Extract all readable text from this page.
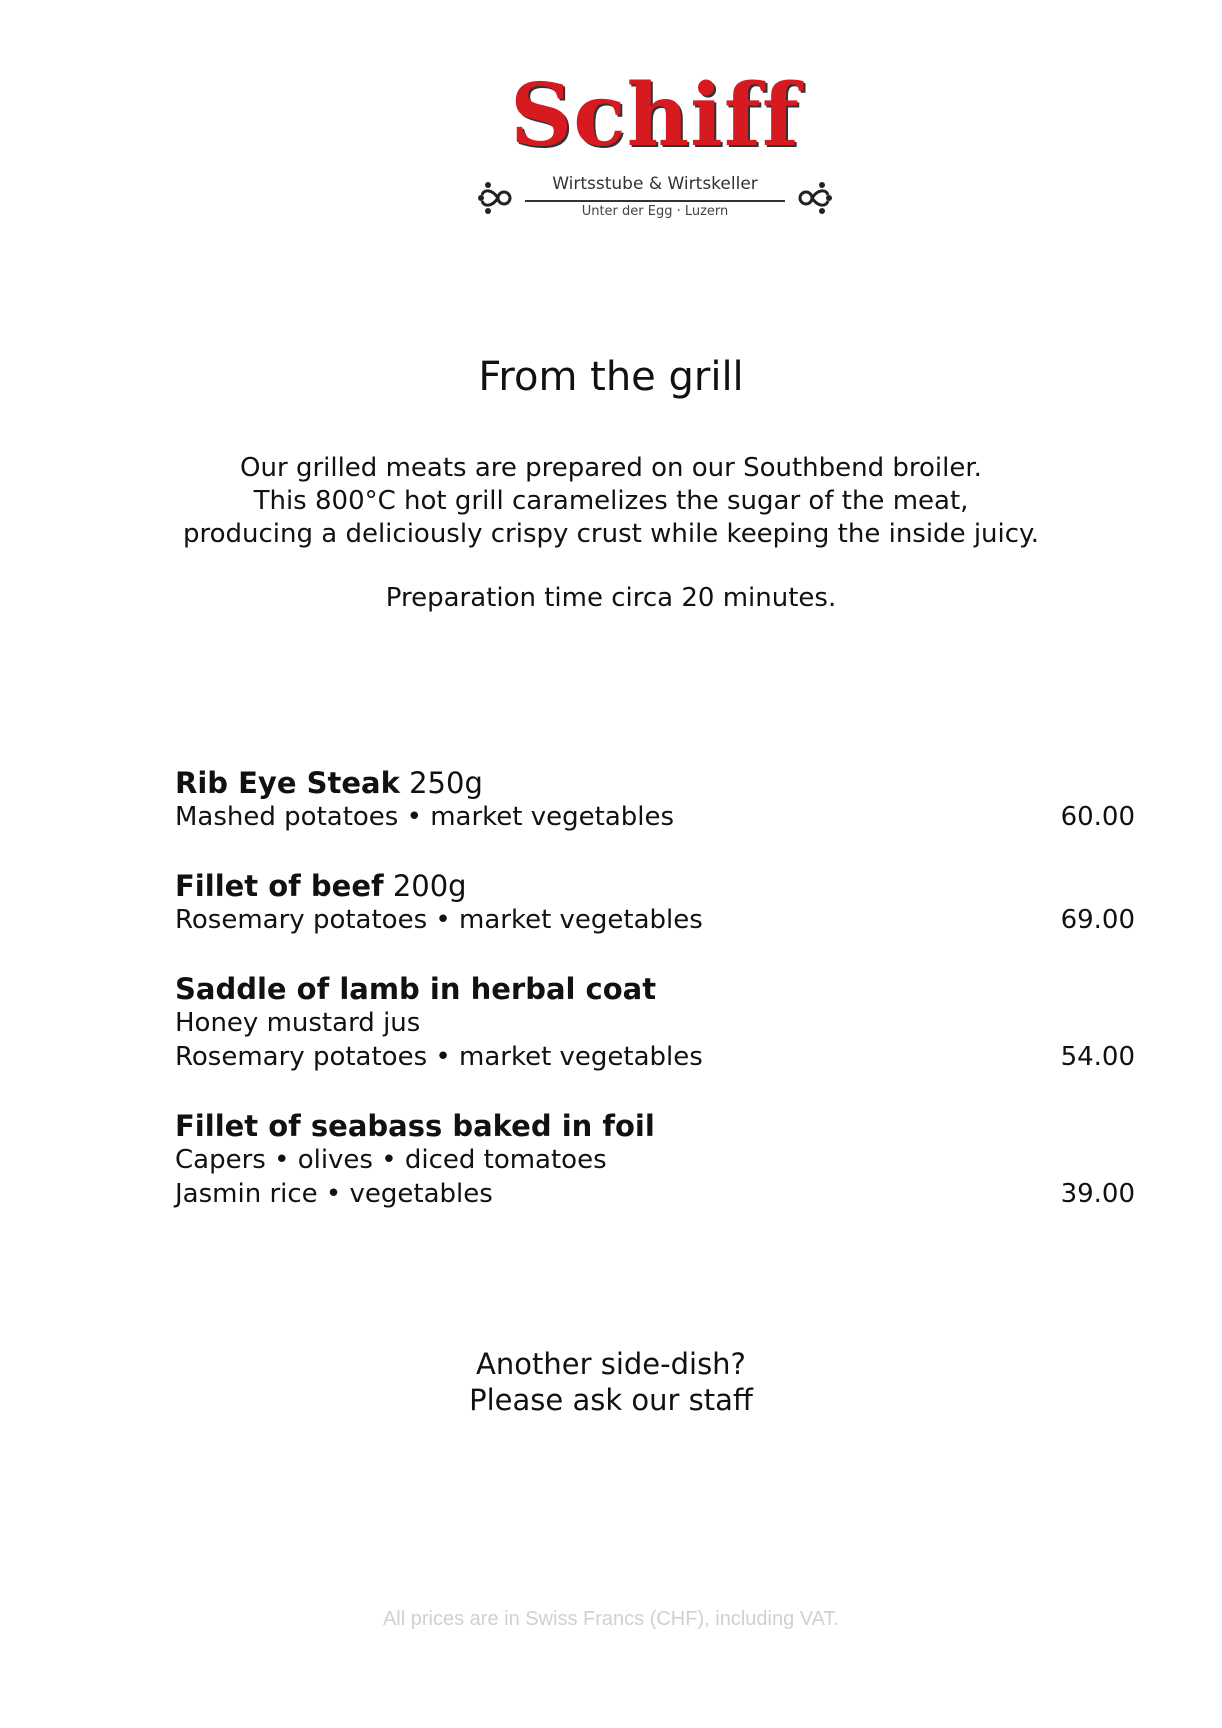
Schiff
Wirtsstube & Wirtskeller
Unter der Egg · Luzern
From the grill
Our grilled meats are prepared on our Southbend broiler.
This 800°C hot grill caramelizes the sugar of the meat,
producing a deliciously crispy crust while keeping the inside juicy.
Preparation time circa 20 minutes.
Rib Eye Steak 250g
Mashed potatoes • market vegetables	60.00
Fillet of beef 200g
Rosemary potatoes • market vegetables	69.00
Saddle of lamb in herbal coat
Honey mustard jus
Rosemary potatoes • market vegetables	54.00
Fillet of seabass baked in foil
Capers • olives • diced tomatoes
Jasmin rice • vegetables	39.00
Another side-dish?
Please ask our staff
All prices are in Swiss Francs (CHF), including VAT.
